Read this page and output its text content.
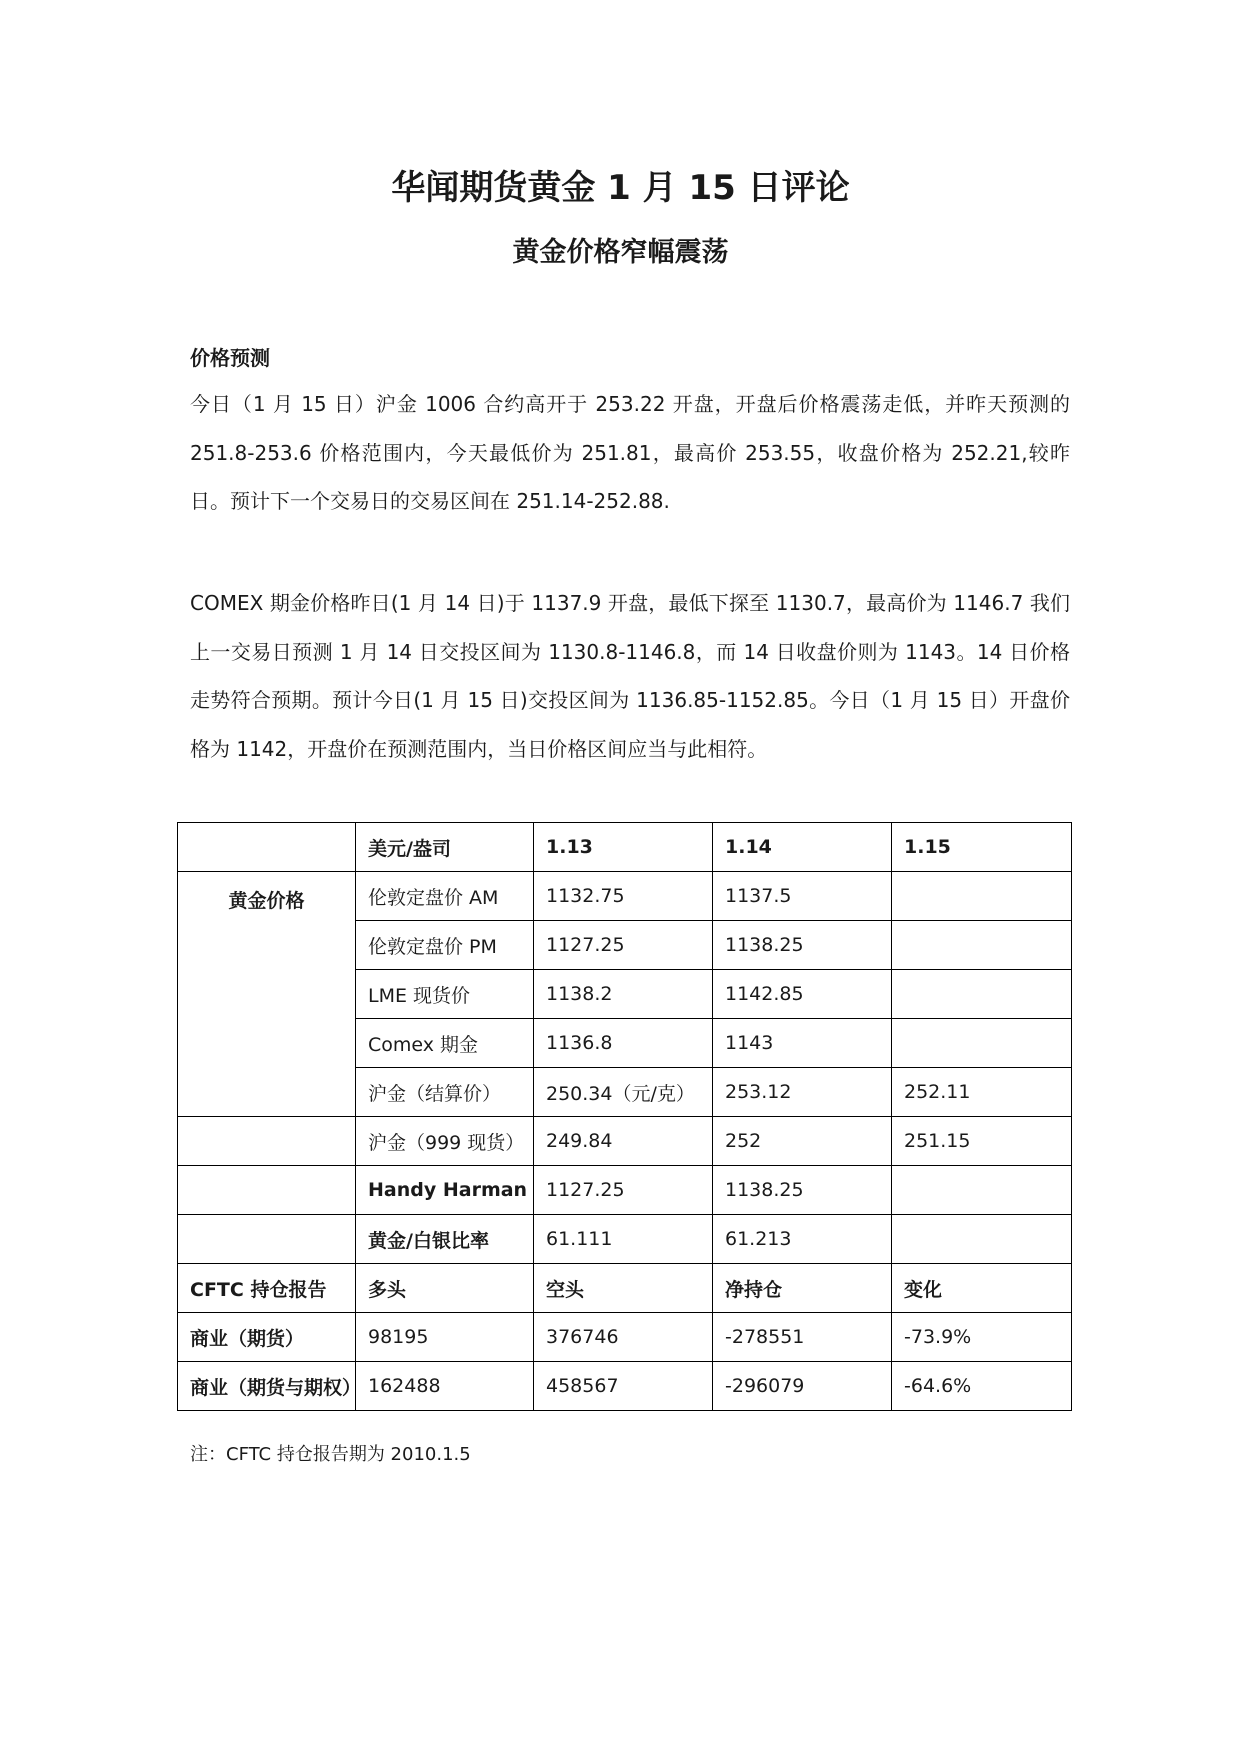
华闻期货黄金 1 月 15 日评论
黄金价格窄幅震荡
价格预测
今日（1 月 15 日）沪金 1006 合约高开于 253.22 开盘，开盘后价格震荡走低，并昨天预测的 251.8-253.6 价格范围内，今天最低价为 251.81，最高价 253.55，收盘价格为 252.21,较昨日。预计下一个交易日的交易区间在 251.14-252.88.
COMEX 期金价格昨日(1 月 14 日)于 1137.9 开盘，最低下探至 1130.7，最高价为 1146.7 我们上一交易日预测 1 月 14 日交投区间为 1130.8-1146.8，而 14 日收盘价则为 1143。14 日价格走势符合预期。预计今日(1 月 15 日)交投区间为 1136.85-1152.85。今日（1 月 15 日）开盘价格为 1142，开盘价在预测范围内，当日价格区间应当与此相符。
	美元/盎司	1.13	1.14	1.15
黄金价格	伦敦定盘价 AM	1132.75	1137.5	
	伦敦定盘价 PM	1127.25	1138.25	
	LME 现货价	1138.2	1142.85	
	Comex 期金	1136.8	1143	
	沪金（结算价）	250.34（元/克）	253.12	252.11
	沪金（999 现货）	249.84	252	251.15
	Handy Harman	1127.25	1138.25	
	黄金/白银比率	61.111	61.213	
CFTC 持仓报告	多头	空头	净持仓	变化
商业（期货）	98195	376746	-278551	-73.9%
商业（期货与期权）	162488	458567	-296079	-64.6%
注：CFTC 持仓报告期为 2010.1.5
